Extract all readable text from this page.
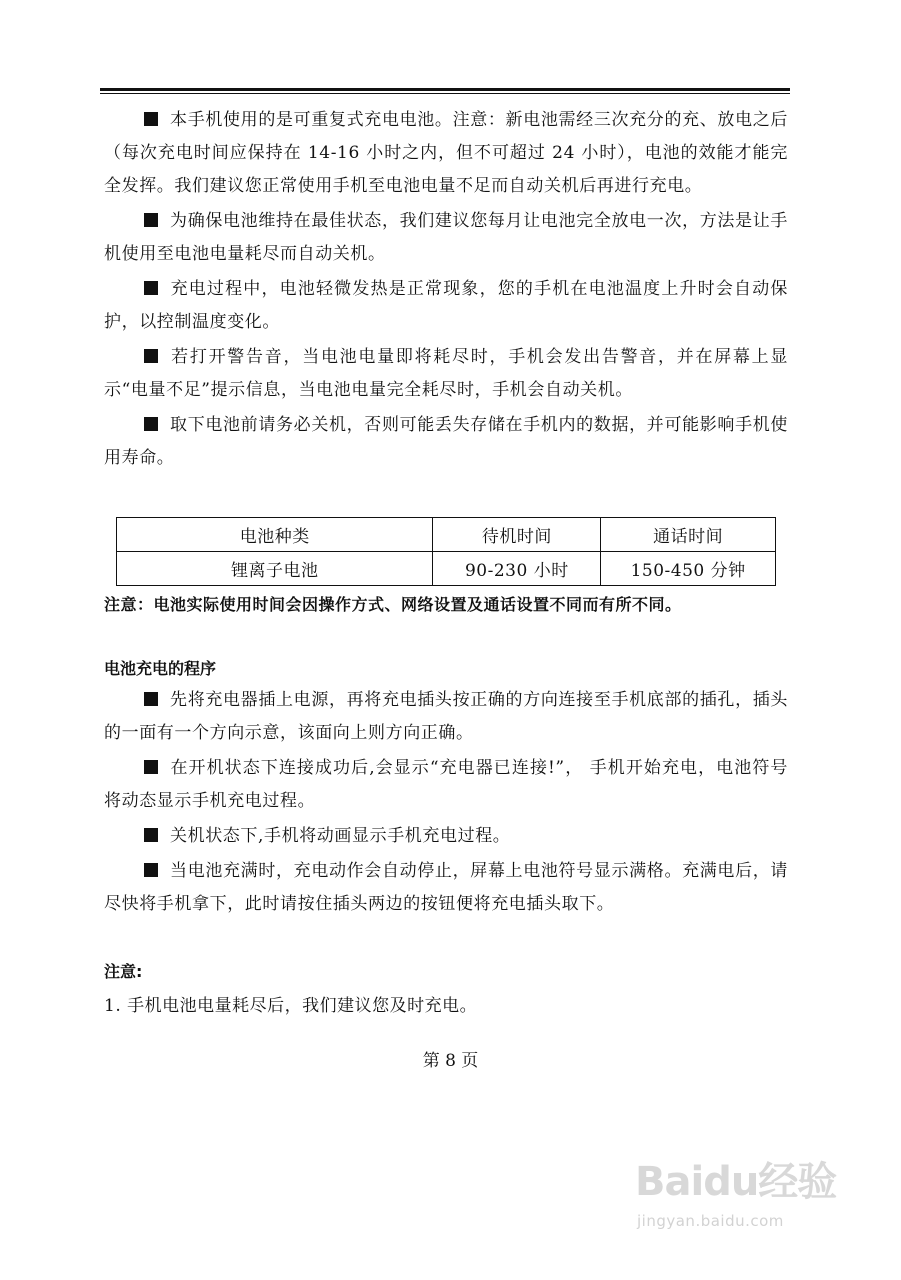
本手机使用的是可重复式充电电池。注意：新电池需经三次充分的充、放电之后（每次充电时间应保持在 14-16 小时之内，但不可超过 24 小时），电池的效能才能完全发挥。我们建议您正常使用手机至电池电量不足而自动关机后再进行充电。

为确保电池维持在最佳状态，我们建议您每月让电池完全放电一次，方法是让手机使用至电池电量耗尽而自动关机。

充电过程中，电池轻微发热是正常现象，您的手机在电池温度上升时会自动保护，以控制温度变化。

若打开警告音，当电池电量即将耗尽时，手机会发出告警音，并在屏幕上显示“电量不足”提示信息，当电池电量完全耗尽时，手机会自动关机。

取下电池前请务必关机，否则可能丢失存储在手机内的数据，并可能影响手机使用寿命。

电池种类	待机时间	通话时间
锂离子电池	90-230 小时	150-450 分钟

注意：电池实际使用时间会因操作方式、网络设置及通话设置不同而有所不同。

电池充电的程序

先将充电器插上电源，再将充电插头按正确的方向连接至手机底部的插孔，插头的一面有一个方向示意，该面向上则方向正确。

在开机状态下连接成功后,会显示“充电器已连接!”， 手机开始充电，电池符号将动态显示手机充电过程。

关机状态下,手机将动画显示手机充电过程。

当电池充满时，充电动作会自动停止，屏幕上电池符号显示满格。充满电后，请尽快将手机拿下，此时请按住插头两边的按钮便将充电插头取下。

注意:

1. 手机电池电量耗尽后，我们建议您及时充电。

第 8 页
Baidu经验
jingyan.baidu.com
